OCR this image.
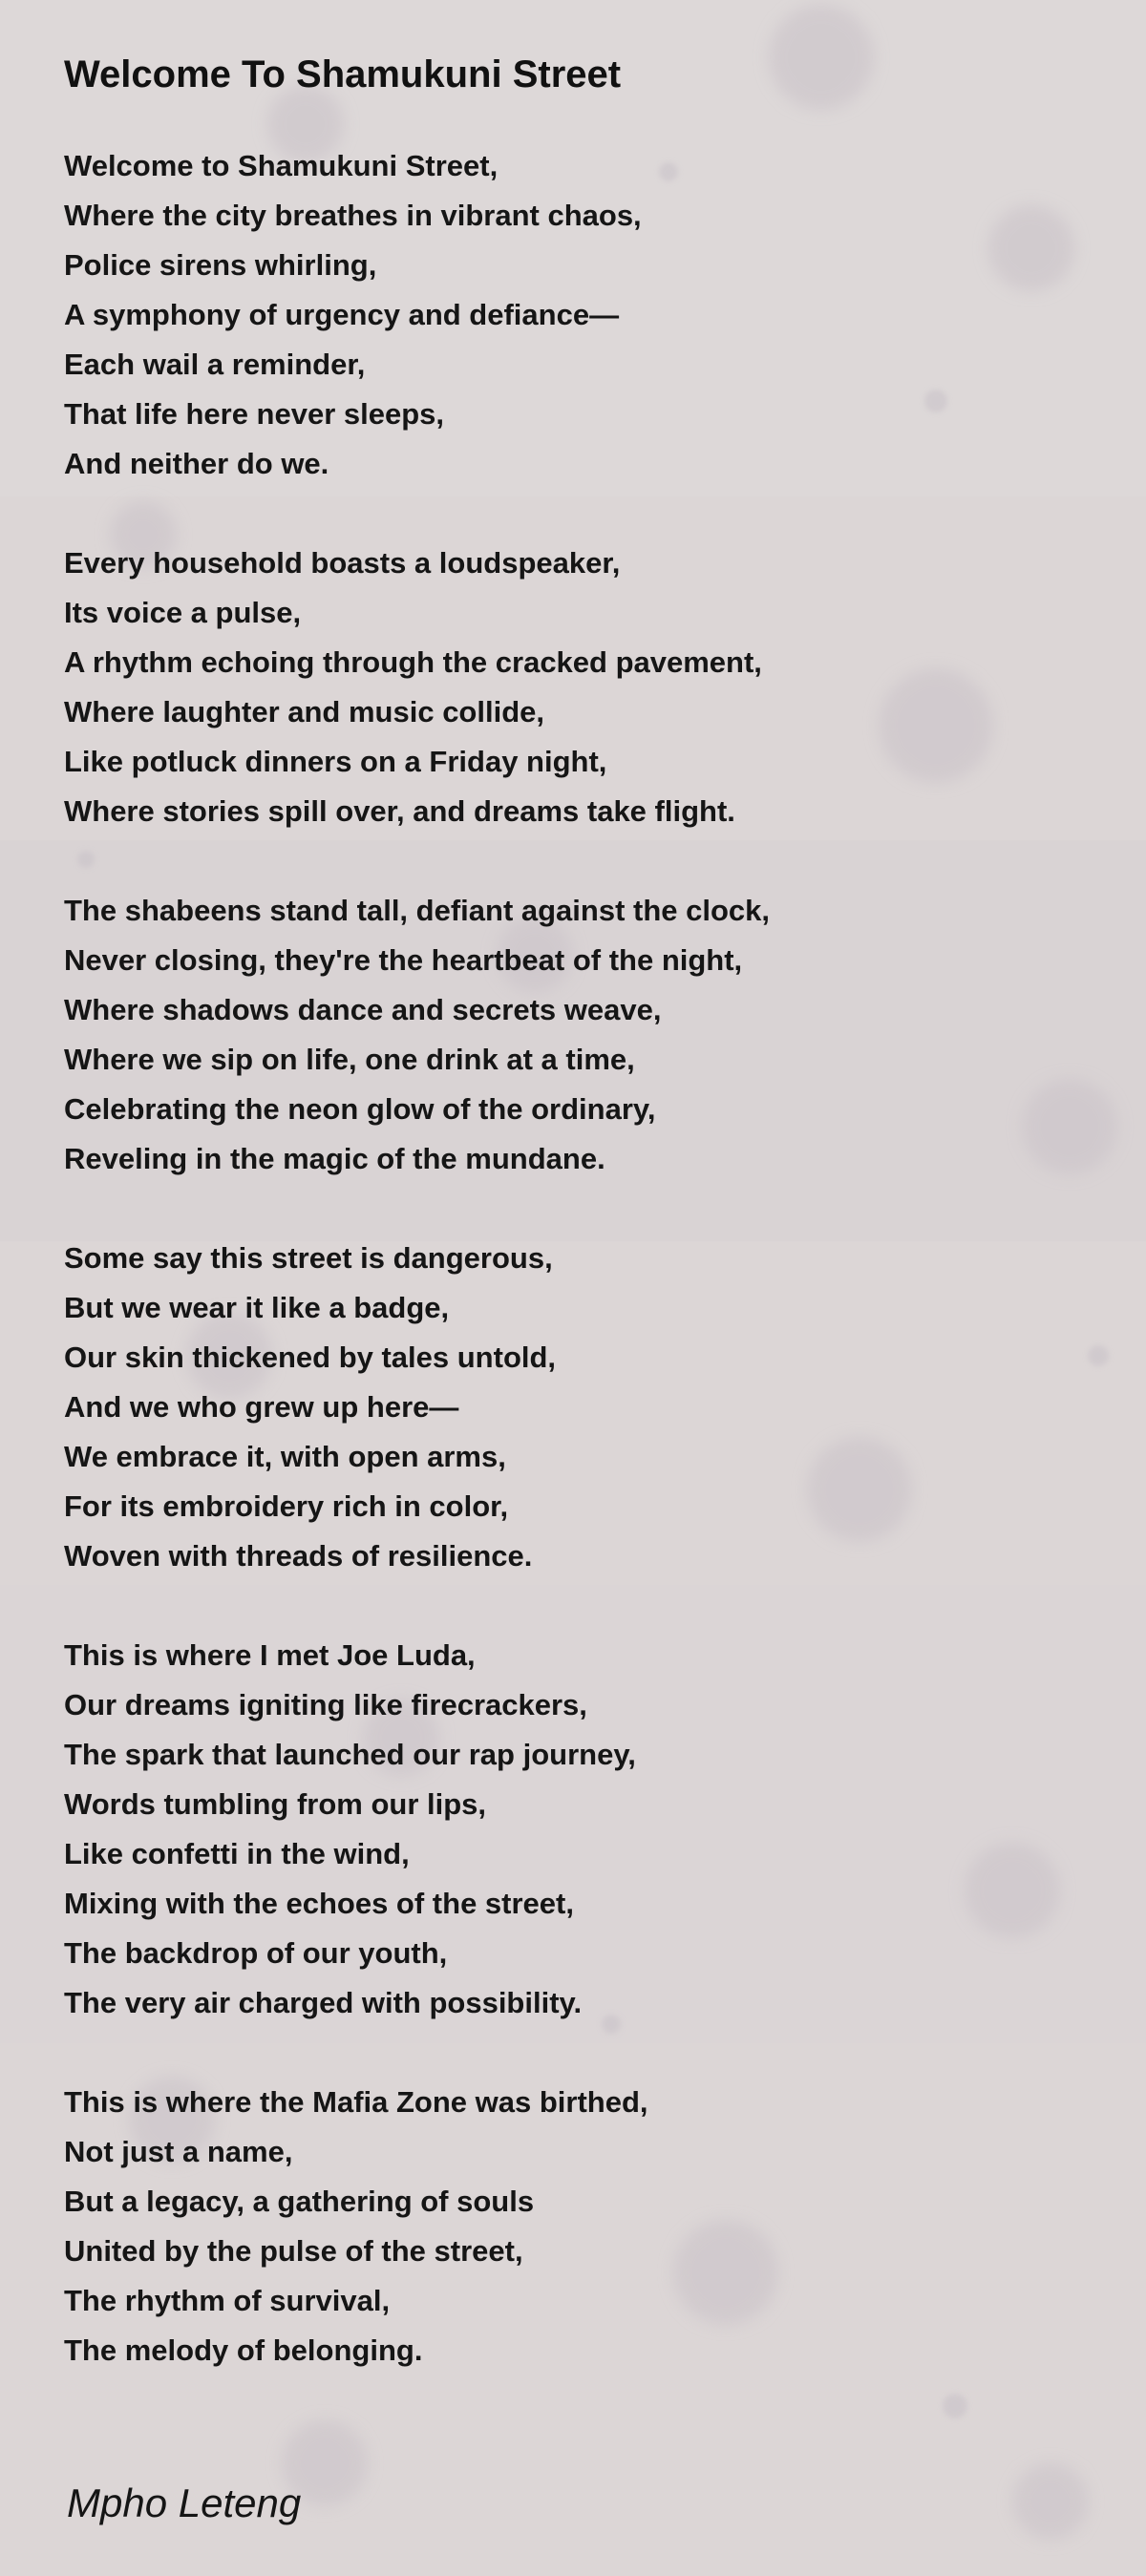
Welcome To Shamukuni Street
Welcome to Shamukuni Street,
Where the city breathes in vibrant chaos,
Police sirens whirling,
A symphony of urgency and defiance—
Each wail a reminder,
That life here never sleeps,
And neither do we.
Every household boasts a loudspeaker,
Its voice a pulse,
A rhythm echoing through the cracked pavement,
Where laughter and music collide,
Like potluck dinners on a Friday night,
Where stories spill over, and dreams take flight.
The shabeens stand tall, defiant against the clock,
Never closing, they're the heartbeat of the night,
Where shadows dance and secrets weave,
Where we sip on life, one drink at a time,
Celebrating the neon glow of the ordinary,
Reveling in the magic of the mundane.
Some say this street is dangerous,
But we wear it like a badge,
Our skin thickened by tales untold,
And we who grew up here—
We embrace it, with open arms,
For its embroidery rich in color,
Woven with threads of resilience.
This is where I met Joe Luda,
Our dreams igniting like firecrackers,
The spark that launched our rap journey,
Words tumbling from our lips,
Like confetti in the wind,
Mixing with the echoes of the street,
The backdrop of our youth,
The very air charged with possibility.
This is where the Mafia Zone was birthed,
Not just a name,
But a legacy, a gathering of souls
United by the pulse of the street,
The rhythm of survival,
The melody of belonging.

Mpho Leteng
